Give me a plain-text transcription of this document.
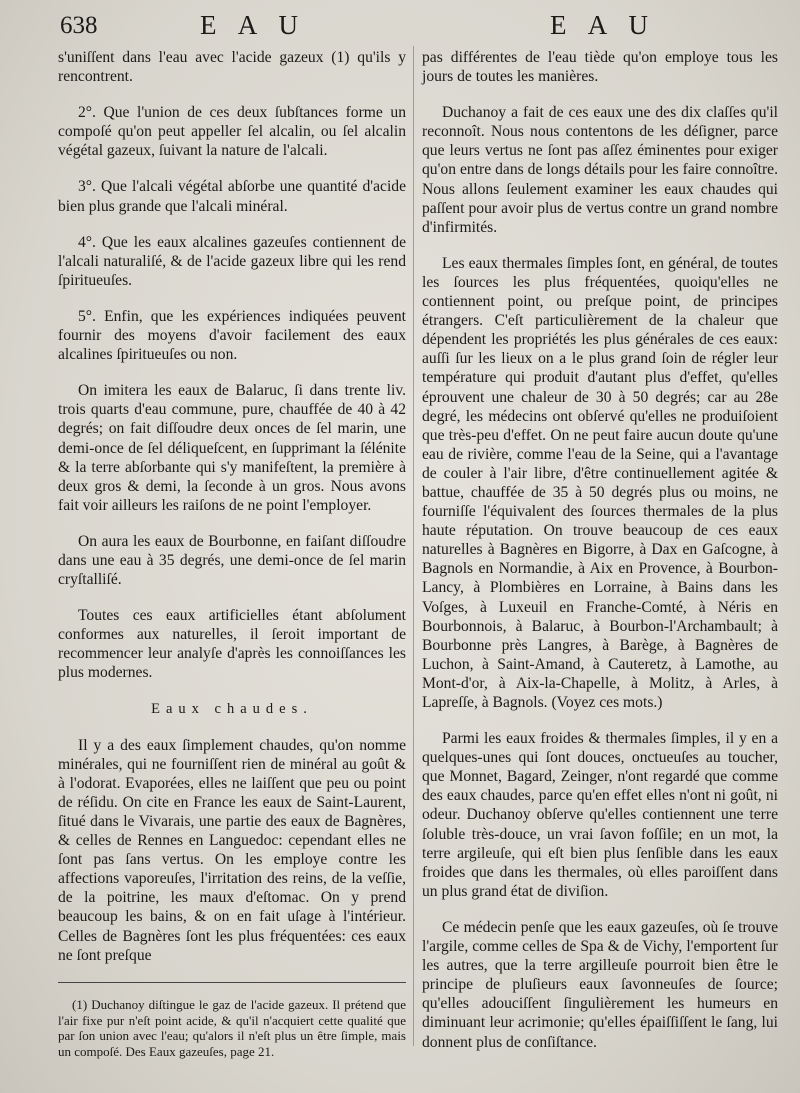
638	E A U	E A U

s'uniſſent dans l'eau avec l'acide gazeux (1) qu'ils y rencontrent.

2°. Que l'union de ces deux ſubſtances forme un compoſé qu'on peut appeller ſel alcalin, ou ſel alcalin végétal gazeux, ſuivant la nature de l'alcali.

3°. Que l'alcali végétal abſorbe une quantité d'acide bien plus grande que l'alcali minéral.

4°. Que les eaux alcalines gazeuſes contiennent de l'alcali naturaliſé, & de l'acide gazeux libre qui les rend ſpiritueuſes.

5°. Enfin, que les expériences indiquées peuvent fournir des moyens d'avoir facilement des eaux alcalines ſpiritueuſes ou non.

On imitera les eaux de Balaruc, ſi dans trente liv. trois quarts d'eau commune, pure, chauffée de 40 à 42 degrés; on fait diſſoudre deux onces de ſel marin, une demi-once de ſel déliqueſcent, en ſupprimant la ſélénite & la terre abſorbante qui s'y manifeſtent, la première à deux gros & demi, la ſeconde à un gros. Nous avons fait voir ailleurs les raiſons de ne point l'employer.

On aura les eaux de Bourbonne, en faiſant diſſoudre dans une eau à 35 degrés, une demi-once de ſel marin cryſtalliſé.

Toutes ces eaux artificielles étant abſolument conformes aux naturelles, il ſeroit important de recommencer leur analyſe d'après les connoiſſances les plus modernes.

Eaux chaudes.

Il y a des eaux ſimplement chaudes, qu'on nomme minérales, qui ne fourniſſent rien de minéral au goût & à l'odorat. Evaporées, elles ne laiſſent que peu ou point de réſidu. On cite en France les eaux de Saint-Laurent, ſitué dans le Vivarais, une partie des eaux de Bagnères, & celles de Rennes en Languedoc: cependant elles ne ſont pas ſans vertus. On les employe contre les affections vaporeuſes, l'irritation des reins, de la veſſie, de la poitrine, les maux d'eſtomac. On y prend beaucoup les bains, & on en fait uſage à l'intérieur. Celles de Bagnères ſont les plus fréquentées: ces eaux ne ſont preſque

(1) Duchanoy diſtingue le gaz de l'acide gazeux. Il prétend que l'air fixe pur n'eſt point acide, & qu'il n'acquiert cette qualité que par ſon union avec l'eau; qu'alors il n'eſt plus un être ſimple, mais un compoſé. Des Eaux gazeuſes, page 21.

pas différentes de l'eau tiède qu'on employe tous les jours de toutes les manières.

Duchanoy a fait de ces eaux une des dix claſſes qu'il reconnoît. Nous nous contentons de les déſigner, parce que leurs vertus ne ſont pas aſſez éminentes pour exiger qu'on entre dans de longs détails pour les faire connoître. Nous allons ſeulement examiner les eaux chaudes qui paſſent pour avoir plus de vertus contre un grand nombre d'infirmités.

Les eaux thermales ſimples ſont, en général, de toutes les ſources les plus fréquentées, quoiqu'elles ne contiennent point, ou preſque point, de principes étrangers. C'eſt particulièrement de la chaleur que dépendent les propriétés les plus générales de ces eaux: auſſi ſur les lieux on a le plus grand ſoin de régler leur température qui produit d'autant plus d'effet, qu'elles éprouvent une chaleur de 30 à 50 degrés; car au 28e degré, les médecins ont obſervé qu'elles ne produiſoient que très-peu d'effet. On ne peut faire aucun doute qu'une eau de rivière, comme l'eau de la Seine, qui a l'avantage de couler à l'air libre, d'être continuellement agitée & battue, chauffée de 35 à 50 degrés plus ou moins, ne fourniſſe l'équivalent des ſources thermales de la plus haute réputation. On trouve beaucoup de ces eaux naturelles à Bagnères en Bigorre, à Dax en Gaſcogne, à Bagnols en Normandie, à Aix en Provence, à Bourbon-Lancy, à Plombières en Lorraine, à Bains dans les Voſges, à Luxeuil en Franche-Comté, à Néris en Bourbonnois, à Balaruc, à Bourbon-l'Archambault; à Bourbonne près Langres, à Barège, à Bagnères de Luchon, à Saint-Amand, à Cauteretz, à Lamothe, au Mont-d'or, à Aix-la-Chapelle, à Molitz, à Arles, à Lapreſſe, à Bagnols. (Voyez ces mots.)

Parmi les eaux froides & thermales ſimples, il y en a quelques-unes qui ſont douces, onctueuſes au toucher, que Monnet, Bagard, Zeinger, n'ont regardé que comme des eaux chaudes, parce qu'en effet elles n'ont ni goût, ni odeur. Duchanoy obſerve qu'elles contiennent une terre ſoluble très-douce, un vrai ſavon foſſile; en un mot, la terre argileuſe, qui eſt bien plus ſenſible dans les eaux froides que dans les thermales, où elles paroiſſent dans un plus grand état de diviſion.

Ce médecin penſe que les eaux gazeuſes, où ſe trouve l'argile, comme celles de Spa & de Vichy, l'emportent ſur les autres, que la terre argilleuſe pourroit bien être le principe de pluſieurs eaux ſavonneuſes de ſource; qu'elles adouciſſent ſingulièrement les humeurs en diminuant leur acrimonie; qu'elles épaiſſiſſent le ſang, lui donnent plus de conſiſtance.
